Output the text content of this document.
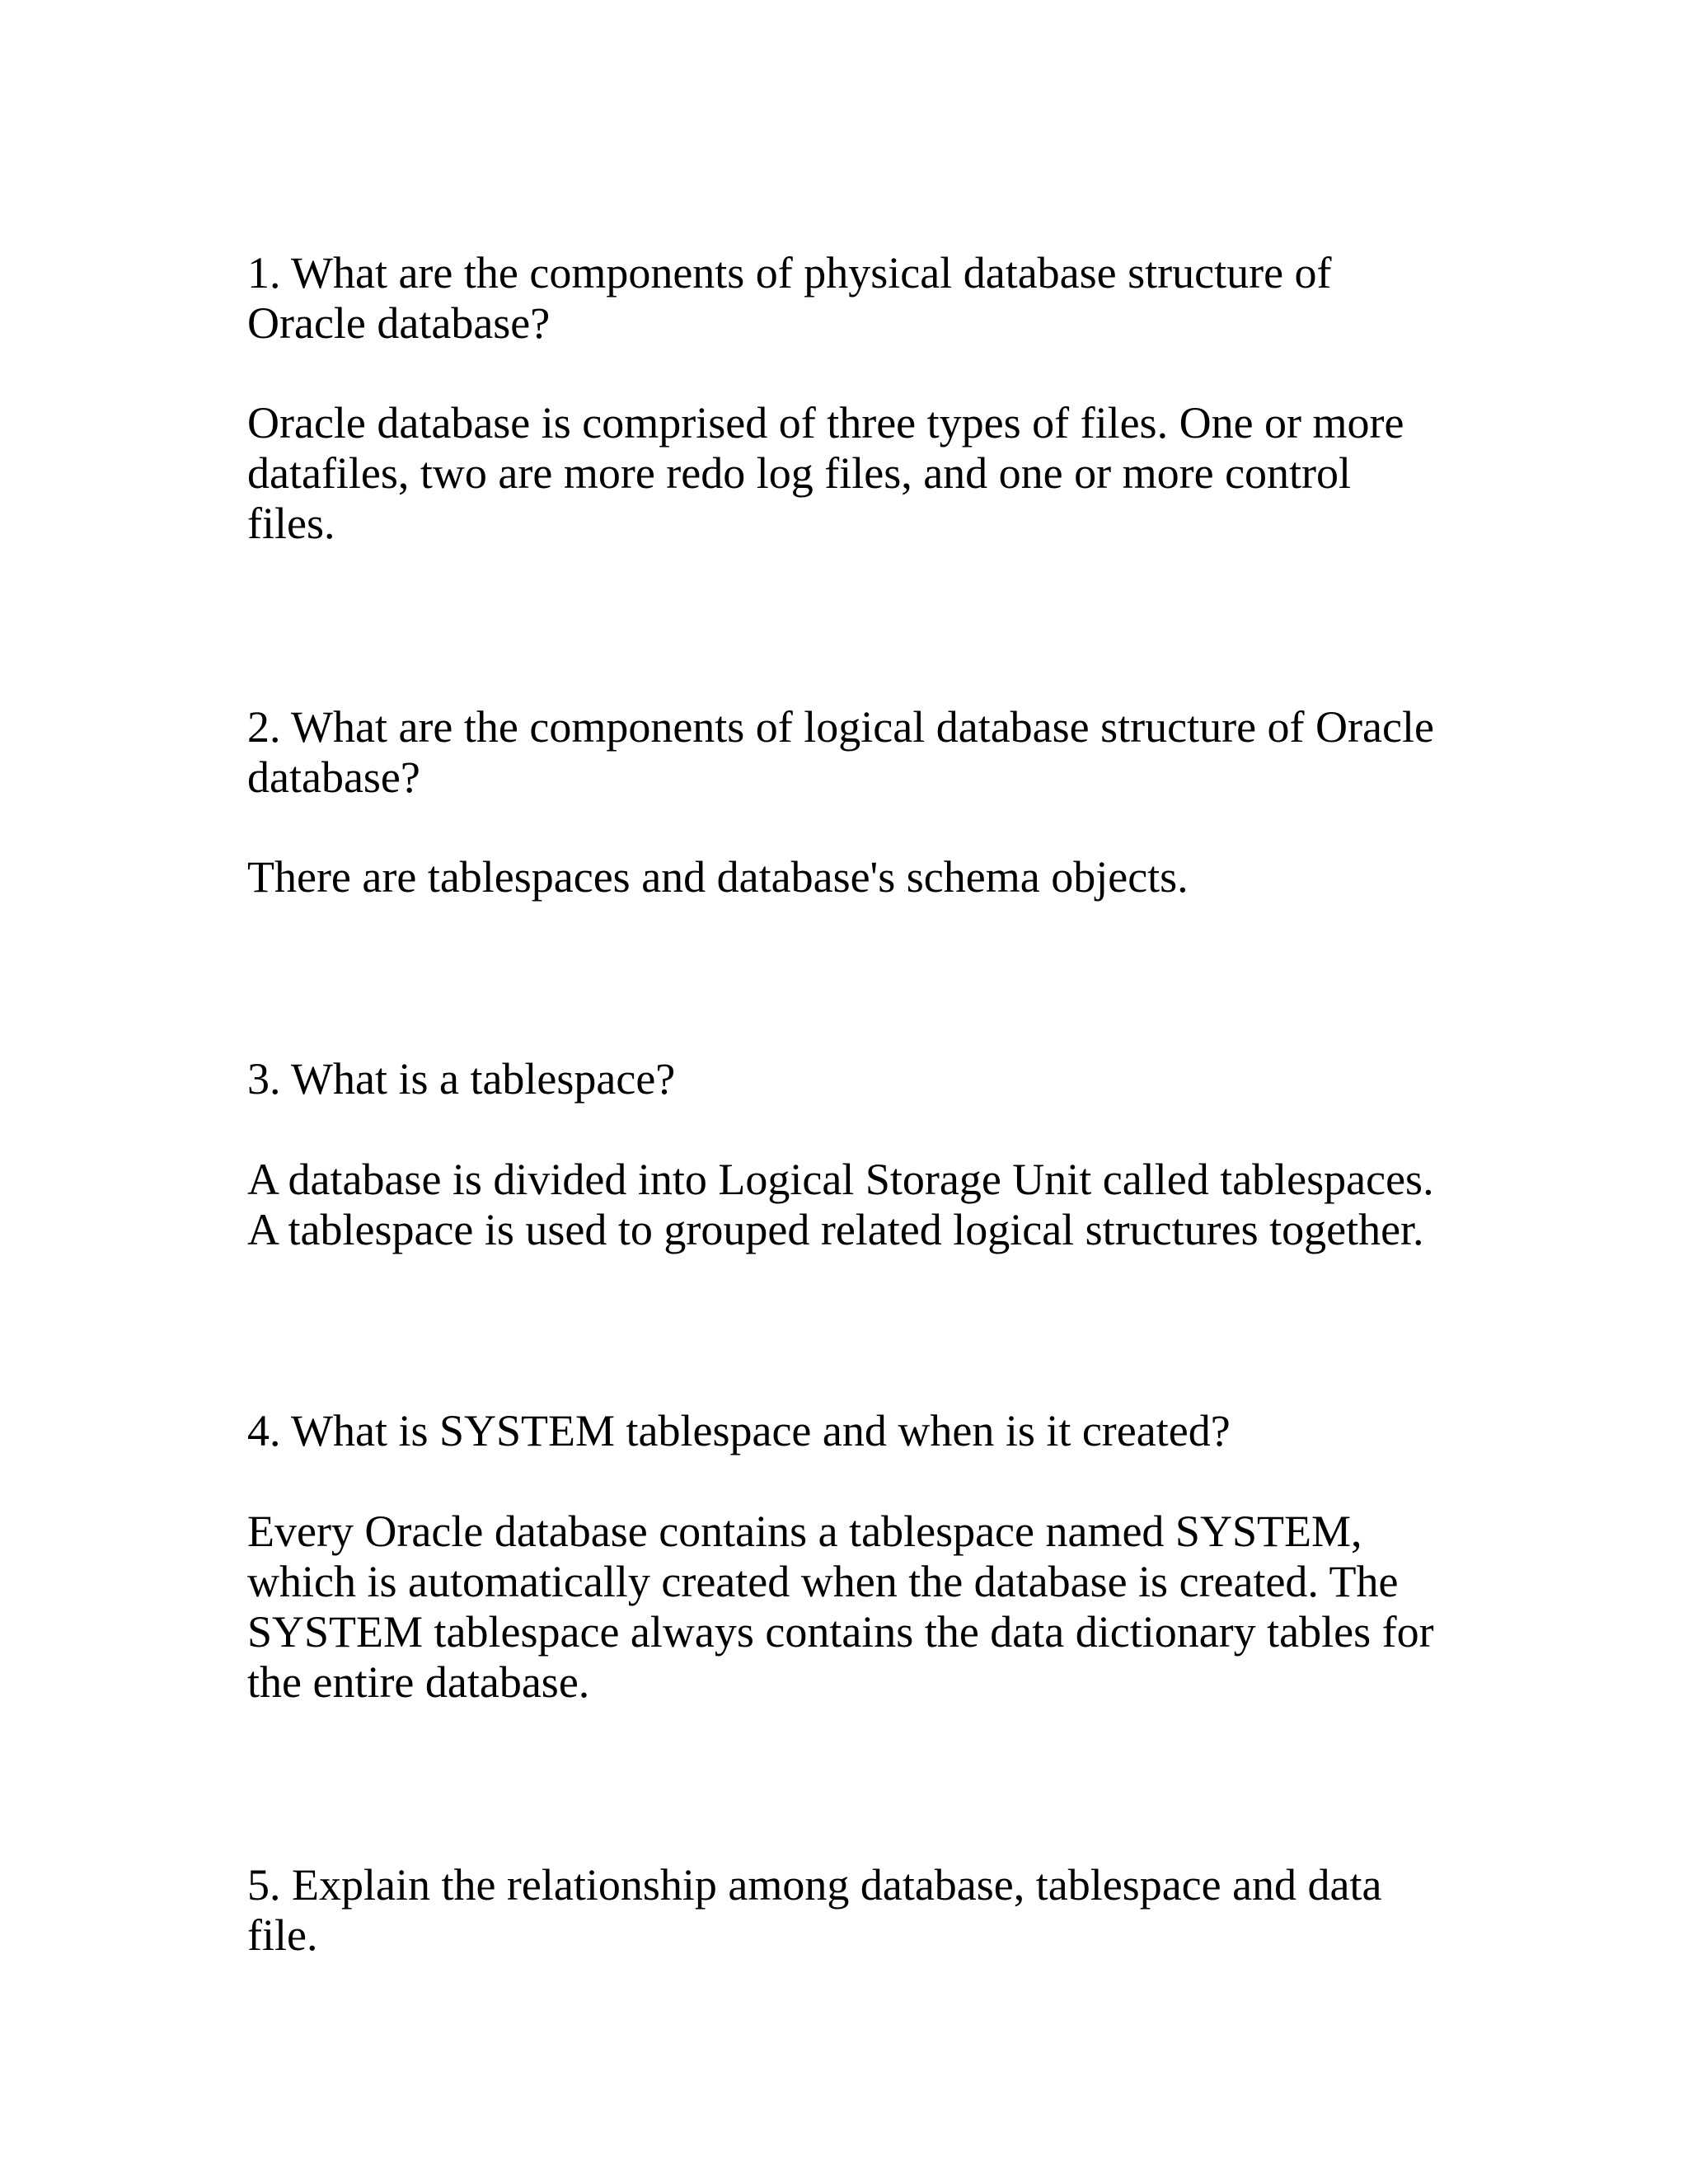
1. What are the components of physical database structure of
Oracle database?

Oracle database is comprised of three types of files. One or more
datafiles, two are more redo log files, and one or more control
files.

2. What are the components of logical database structure of Oracle
database?

There are tablespaces and database's schema objects.

3. What is a tablespace?

A database is divided into Logical Storage Unit called tablespaces.
A tablespace is used to grouped related logical structures together.

4. What is SYSTEM tablespace and when is it created?

Every Oracle database contains a tablespace named SYSTEM,
which is automatically created when the database is created. The
SYSTEM tablespace always contains the data dictionary tables for
the entire database.

5. Explain the relationship among database, tablespace and data
file.
